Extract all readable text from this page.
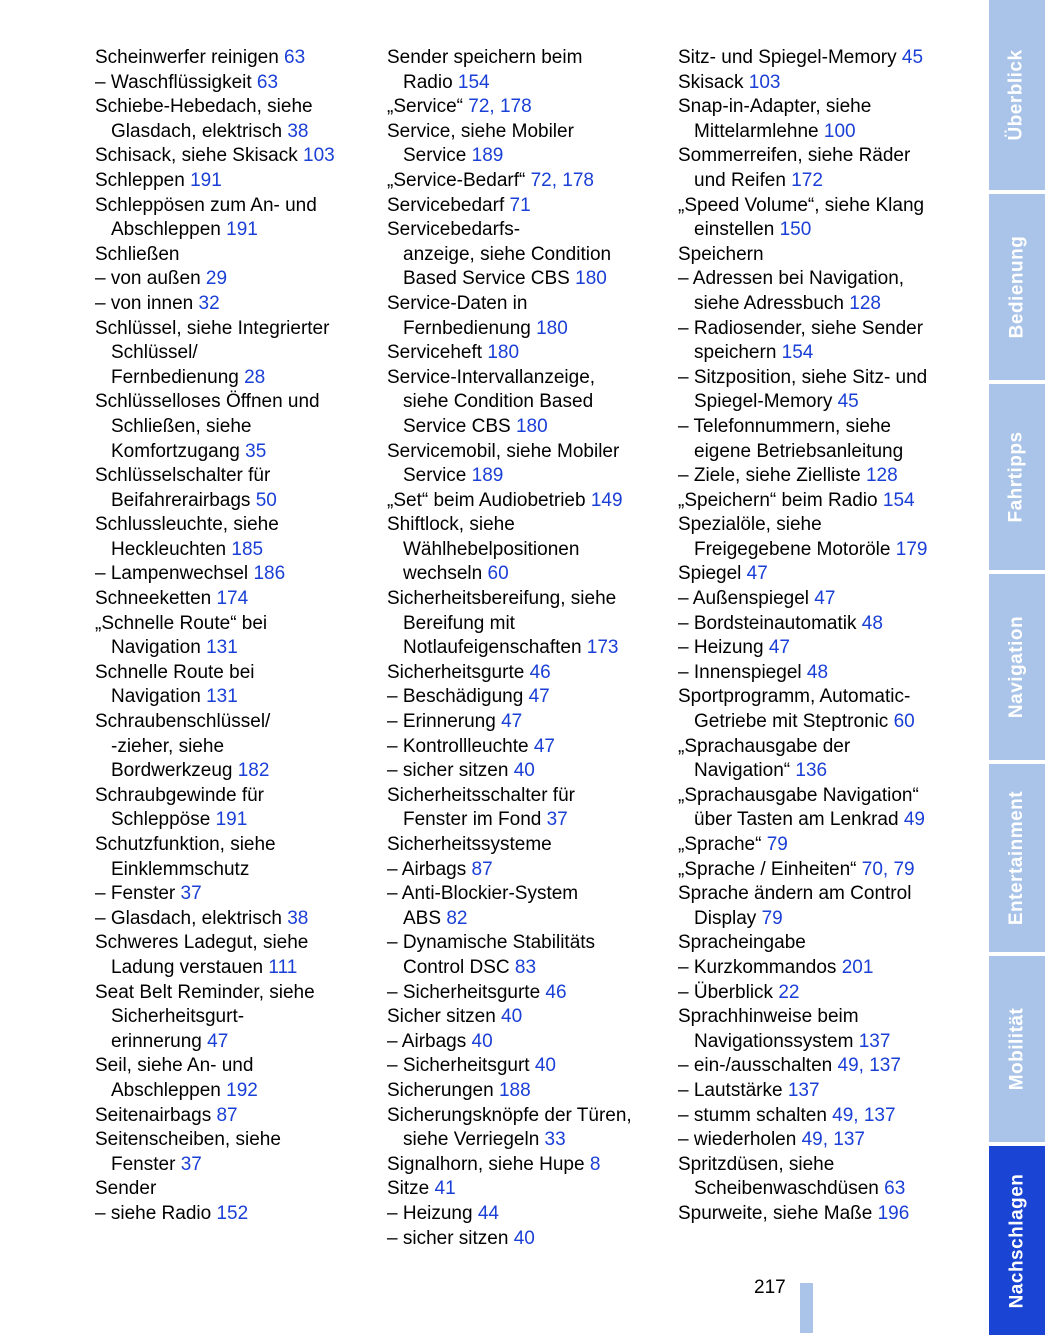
Scheinwerfer reinigen 63
– Waschflüssigkeit 63
Schiebe-Hebedach, siehe
Glasdach, elektrisch 38
Schisack, siehe Skisack 103
Schleppen 191
Schleppösen zum An- und
Abschleppen 191
Schließen
– von außen 29
– von innen 32
Schlüssel, siehe Integrierter
Schlüssel/
Fernbedienung 28
Schlüsselloses Öffnen und
Schließen, siehe
Komfortzugang 35
Schlüsselschalter für
Beifahrerairbags 50
Schlussleuchte, siehe
Heckleuchten 185
– Lampenwechsel 186
Schneeketten 174
„Schnelle Route“ bei
Navigation 131
Schnelle Route bei
Navigation 131
Schraubenschlüssel/
-zieher, siehe
Bordwerkzeug 182
Schraubgewinde für
Schleppöse 191
Schutzfunktion, siehe
Einklemmschutz
– Fenster 37
– Glasdach, elektrisch 38
Schweres Ladegut, siehe
Ladung verstauen 111
Seat Belt Reminder, siehe
Sicherheitsgurt-
erinnerung 47
Seil, siehe An- und
Abschleppen 192
Seitenairbags 87
Seitenscheiben, siehe
Fenster 37
Sender
– siehe Radio 152
Sender speichern beim
Radio 154
„Service“ 72, 178
Service, siehe Mobiler
Service 189
„Service-Bedarf“ 72, 178
Servicebedarf 71
Servicebedarfs-
anzeige, siehe Condition
Based Service CBS 180
Service-Daten in
Fernbedienung 180
Serviceheft 180
Service-Intervallanzeige,
siehe Condition Based
Service CBS 180
Servicemobil, siehe Mobiler
Service 189
„Set“ beim Audiobetrieb 149
Shiftlock, siehe
Wählhebelpositionen
wechseln 60
Sicherheitsbereifung, siehe
Bereifung mit
Notlaufeigenschaften 173
Sicherheitsgurte 46
– Beschädigung 47
– Erinnerung 47
– Kontrollleuchte 47
– sicher sitzen 40
Sicherheitsschalter für
Fenster im Fond 37
Sicherheitssysteme
– Airbags 87
– Anti-Blockier-System
ABS 82
– Dynamische Stabilitäts
Control DSC 83
– Sicherheitsgurte 46
Sicher sitzen 40
– Airbags 40
– Sicherheitsgurt 40
Sicherungen 188
Sicherungsknöpfe der Türen,
siehe Verriegeln 33
Signalhorn, siehe Hupe 8
Sitze 41
– Heizung 44
– sicher sitzen 40
Sitz- und Spiegel-Memory 45
Skisack 103
Snap-in-Adapter, siehe
Mittelarmlehne 100
Sommerreifen, siehe Räder
und Reifen 172
„Speed Volume“, siehe Klang
einstellen 150
Speichern
– Adressen bei Navigation,
siehe Adressbuch 128
– Radiosender, siehe Sender
speichern 154
– Sitzposition, siehe Sitz- und
Spiegel-Memory 45
– Telefonnummern, siehe
eigene Betriebsanleitung
– Ziele, siehe Zielliste 128
„Speichern“ beim Radio 154
Spezialöle, siehe
Freigegebene Motoröle 179
Spiegel 47
– Außenspiegel 47
– Bordsteinautomatik 48
– Heizung 47
– Innenspiegel 48
Sportprogramm, Automatic-
Getriebe mit Steptronic 60
„Sprachausgabe der
Navigation“ 136
„Sprachausgabe Navigation“
über Tasten am Lenkrad 49
„Sprache“ 79
„Sprache / Einheiten“ 70, 79
Sprache ändern am Control
Display 79
Spracheingabe
– Kurzkommandos 201
– Überblick 22
Sprachhinweise beim
Navigationssystem 137
– ein-/ausschalten 49, 137
– Lautstärke 137
– stumm schalten 49, 137
– wiederholen 49, 137
Spritzdüsen, siehe
Scheibenwaschdüsen 63
Spurweite, siehe Maße 196
Überblick
Bedienung
Fahrtipps
Navigation
Entertainment
Mobilität
Nachschlagen
217
